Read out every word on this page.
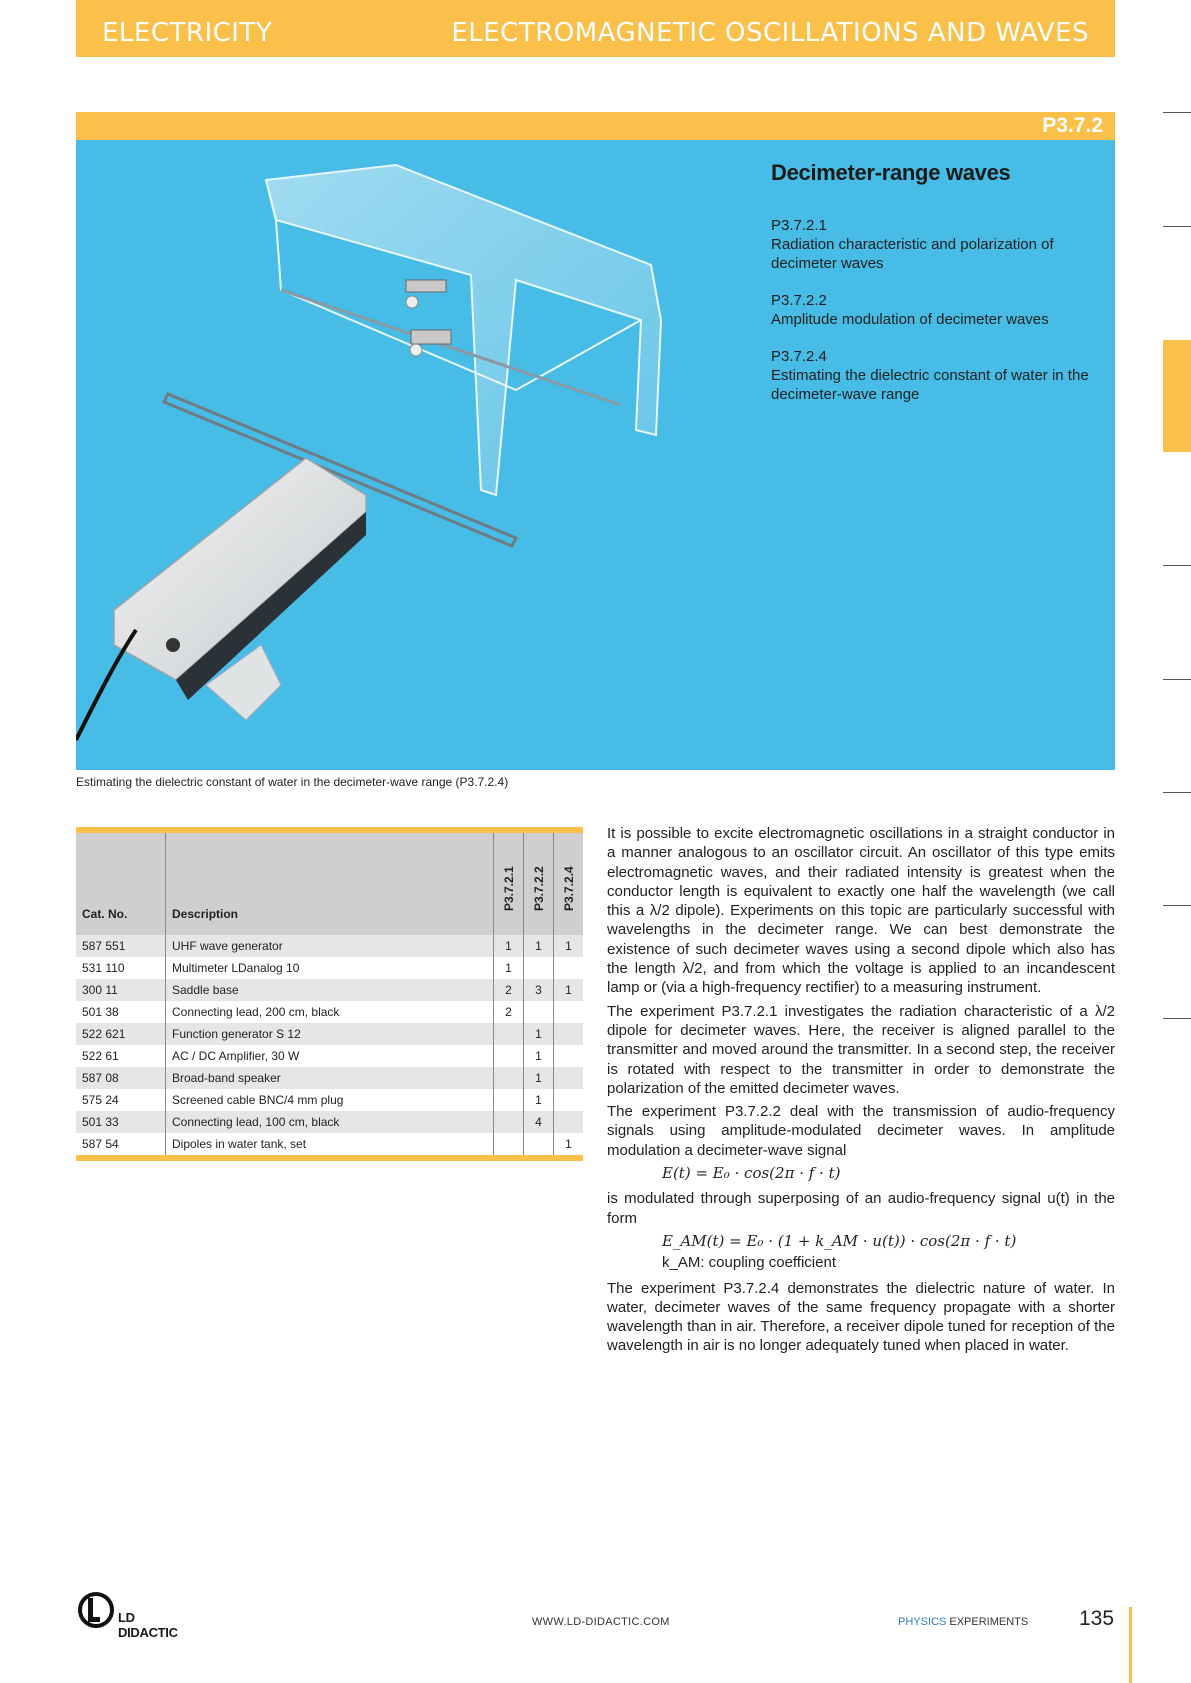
ELECTRICITY	ELECTROMAGNETIC OSCILLATIONS AND WAVES
P3.7.2
Decimeter-range waves
P3.7.2.1
Radiation characteristic and polarization of decimeter waves
P3.7.2.2
Amplitude modulation of decimeter waves
P3.7.2.4
Estimating the dielectric constant of water in the decimeter-wave range
Estimating the dielectric constant of water in the decimeter-wave range (P3.7.2.4)
Cat. No.	Description	P3.7.2.1	P3.7.2.2	P3.7.2.4
587 551	UHF wave generator	1	1	1
531 110	Multimeter LDanalog 10	1		
300 11	Saddle base	2	3	1
501 38	Connecting lead, 200 cm, black	2		
522 621	Function generator S 12		1	
522 61	AC / DC Amplifier, 30 W		1	
587 08	Broad-band speaker		1	
575 24	Screened cable BNC/4 mm plug		1	
501 33	Connecting lead, 100 cm, black		4	
587 54	Dipoles in water tank, set			1

It is possible to excite electromagnetic oscillations in a straight conductor in a manner analogous to an oscillator circuit. An oscillator of this type emits electromagnetic waves, and their radiated intensity is greatest when the conductor length is equivalent to exactly one half the wavelength (we call this a λ/2 dipole). Experiments on this topic are particularly successful with wavelengths in the decimeter range. We can best demonstrate the existence of such decimeter waves using a second dipole which also has the length λ/2, and from which the voltage is applied to an incandescent lamp or (via a high-frequency rectifier) to a measuring instrument.

The experiment P3.7.2.1 investigates the radiation characteristic of a λ/2 dipole for decimeter waves. Here, the receiver is aligned parallel to the transmitter and moved around the transmitter. In a second step, the receiver is rotated with respect to the transmitter in order to demonstrate the polarization of the emitted decimeter waves.

The experiment P3.7.2.2 deal with the transmission of audio-frequency signals using amplitude-modulated decimeter waves. In amplitude modulation a decimeter-wave signal

E(t) = E₀ · cos(2π · f · t)

is modulated through superposing of an audio-frequency signal u(t) in the form

E_AM(t) = E₀ · (1 + k_AM · u(t)) · cos(2π · f · t)
k_AM: coupling coefficient

The experiment P3.7.2.4 demonstrates the dielectric nature of water. In water, decimeter waves of the same frequency propagate with a shorter wavelength than in air. Therefore, a receiver dipole tuned for reception of the wavelength in air is no longer adequately tuned when placed in water.

LD DIDACTIC
WWW.LD-DIDACTIC.COM	PHYSICS EXPERIMENTS 135
